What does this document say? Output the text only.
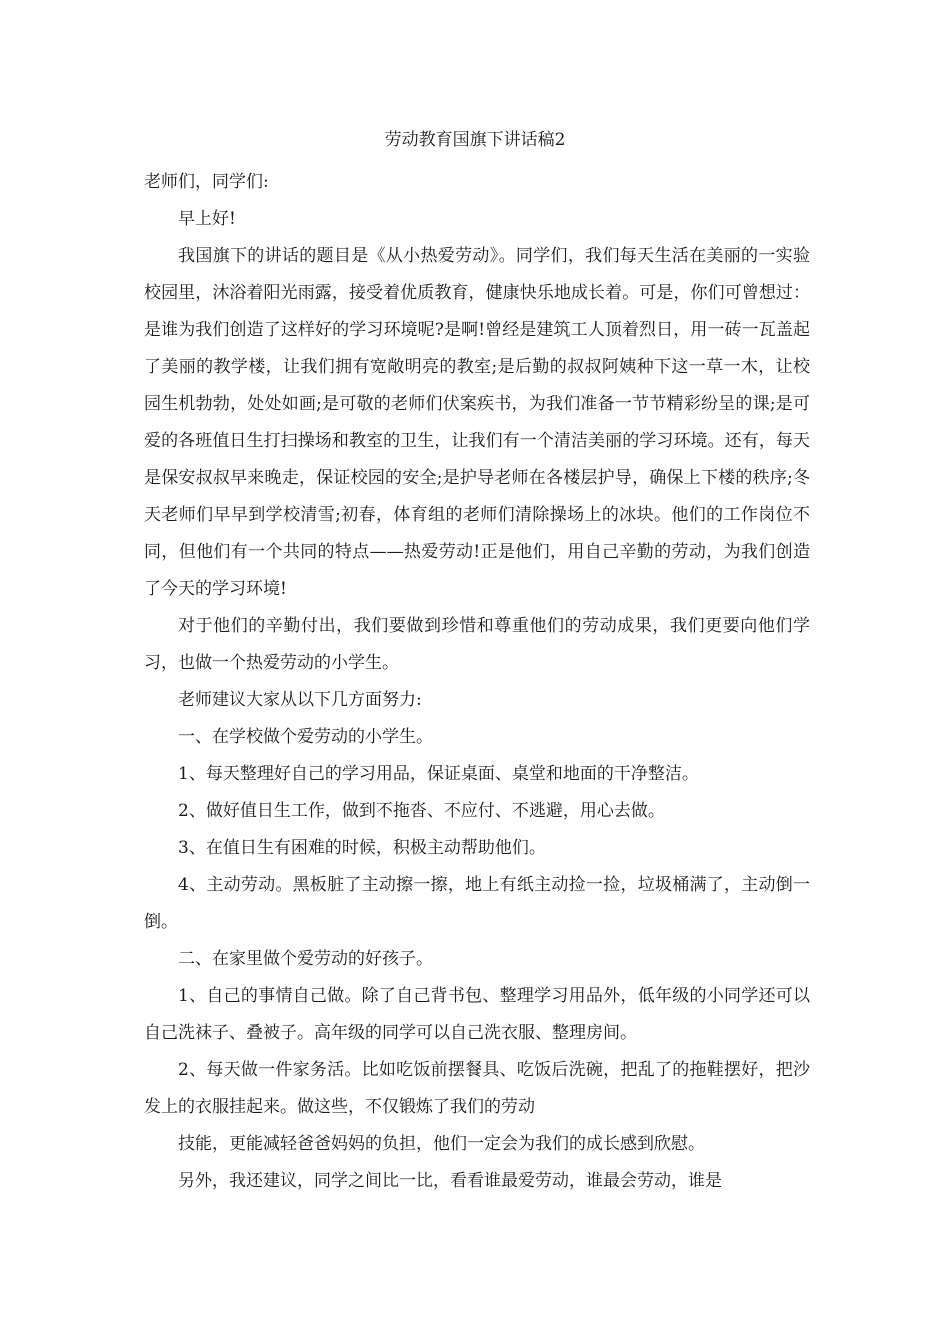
劳动教育国旗下讲话稿2

老师们，同学们:

早上好!

我国旗下的讲话的题目是《从小热爱劳动》。同学们，我们每天生活在美丽的一实验校园里，沐浴着阳光雨露，接受着优质教育，健康快乐地成长着。可是，你们可曾想过：是谁为我们创造了这样好的学习环境呢?是啊!曾经是建筑工人顶着烈日，用一砖一瓦盖起了美丽的教学楼，让我们拥有宽敞明亮的教室;是后勤的叔叔阿姨种下这一草一木，让校园生机勃勃，处处如画;是可敬的老师们伏案疾书，为我们准备一节节精彩纷呈的课;是可爱的各班值日生打扫操场和教室的卫生，让我们有一个清洁美丽的学习环境。还有，每天是保安叔叔早来晚走，保证校园的安全;是护导老师在各楼层护导，确保上下楼的秩序;冬天老师们早早到学校清雪;初春，体育组的老师们清除操场上的冰块。他们的工作岗位不同，但他们有一个共同的特点——热爱劳动!正是他们，用自己辛勤的劳动，为我们创造了今天的学习环境!

对于他们的辛勤付出，我们要做到珍惜和尊重他们的劳动成果，我们更要向他们学习，也做一个热爱劳动的小学生。

老师建议大家从以下几方面努力:

一、在学校做个爱劳动的小学生。

1、每天整理好自己的学习用品，保证桌面、桌堂和地面的干净整洁。

2、做好值日生工作，做到不拖沓、不应付、不逃避，用心去做。

3、在值日生有困难的时候，积极主动帮助他们。

4、主动劳动。黑板脏了主动擦一擦，地上有纸主动捡一捡，垃圾桶满了，主动倒一倒。

二、在家里做个爱劳动的好孩子。

1、自己的事情自己做。除了自己背书包、整理学习用品外，低年级的小同学还可以自己洗袜子、叠被子。高年级的同学可以自己洗衣服、整理房间。

2、每天做一件家务活。比如吃饭前摆餐具、吃饭后洗碗，把乱了的拖鞋摆好，把沙发上的衣服挂起来。做这些，不仅锻炼了我们的劳动

技能，更能减轻爸爸妈妈的负担，他们一定会为我们的成长感到欣慰。

另外，我还建议，同学之间比一比，看看谁最爱劳动，谁最会劳动，谁是
